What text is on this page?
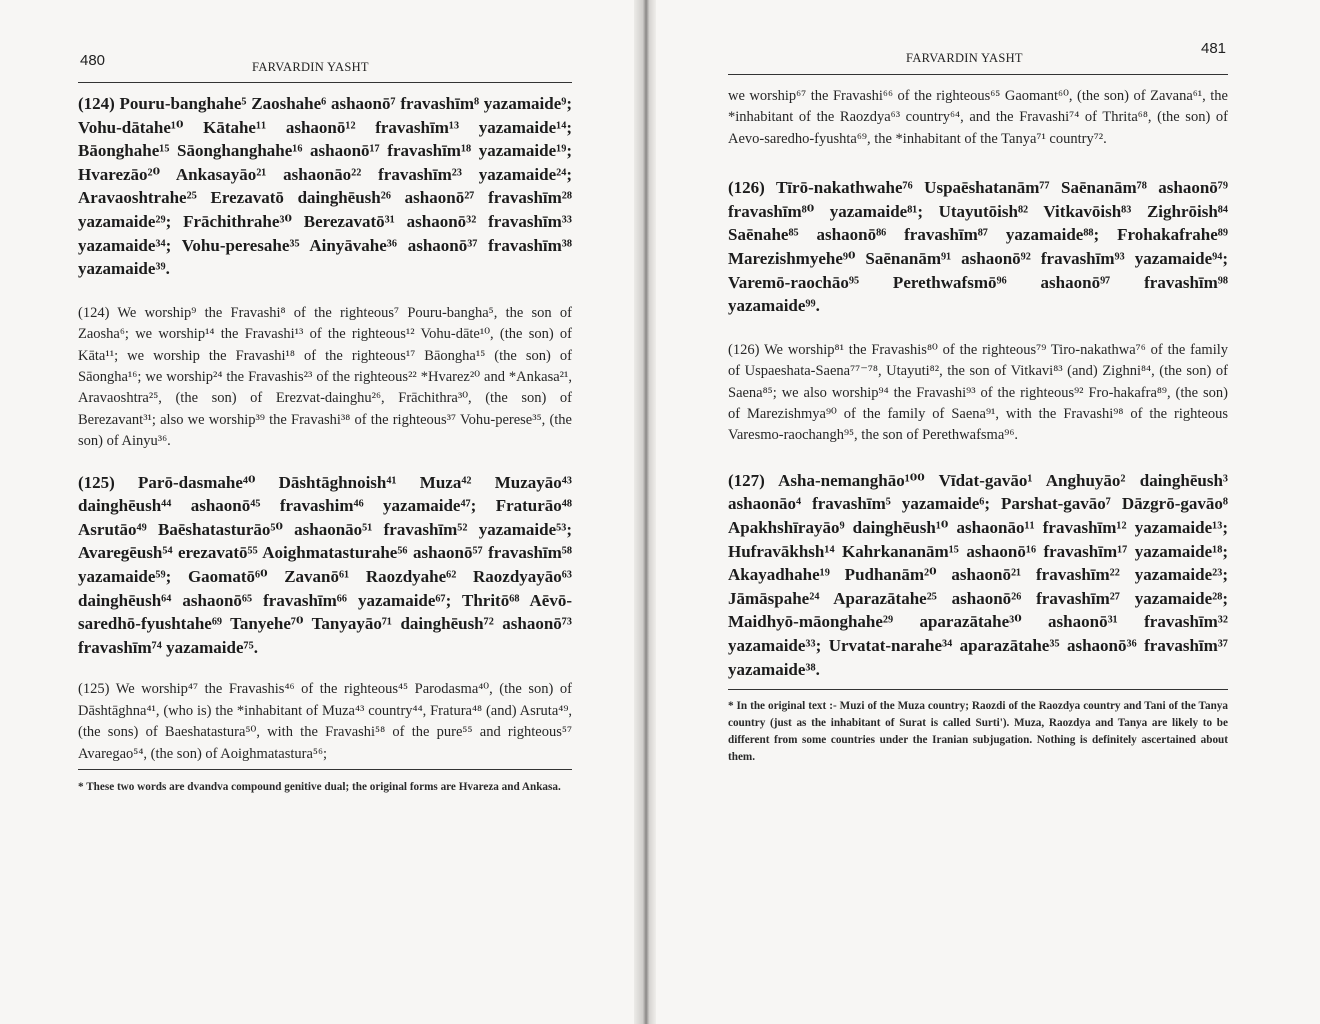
480	FARVARDIN YASHT

(124) Pouru-banghahe⁵ Zaoshahe⁶ ashaonō⁷ fravashīm⁸ yazamaide⁹; Vohu-dātahe¹⁰ Kātahe¹¹ ashaonō¹² fravashīm¹³ yazamaide¹⁴; Bāonghahe¹⁵ Sāonghanghahe¹⁶ ashaonō¹⁷ fravashīm¹⁸ yazamaide¹⁹; Hvarezāo²⁰ Ankasayāo²¹ ashaonāo²² fravashīm²³ yazamaide²⁴; Aravaoshtrahe²⁵ Erezavatō dainghēush²⁶ ashaonō²⁷ fravashīm²⁸ yazamaide²⁹; Frāchithrahe³⁰ Berezavatō³¹ ashaonō³² fravashīm³³ yazamaide³⁴; Vohu-peresahe³⁵ Ainyāvahe³⁶ ashaonō³⁷ fravashīm³⁸ yazamaide³⁹.

(124) We worship⁹ the Fravashi⁸ of the righteous⁷ Pouru-bangha⁵, the son of Zaosha⁶; we worship¹⁴ the Fravashi¹³ of the righteous¹² Vohu-dāte¹⁰, (the son) of Kāta¹¹; we worship the Fravashi¹⁸ of the righteous¹⁷ Bāongha¹⁵ (the son) of Sāongha¹⁶; we worship²⁴ the Fravashis²³ of the righteous²² *Hvarez²⁰ and *Ankasa²¹, Aravaoshtra²⁵, (the son) of Erezvat-dainghu²⁶, Frāchithra³⁰, (the son) of Berezavant³¹; also we worship³⁹ the Fravashi³⁸ of the righteous³⁷ Vohu-perese³⁵, (the son) of Ainyu³⁶.

(125) Parō-dasmahe⁴⁰ Dāshtāghnoish⁴¹ Muza⁴² Muzayāo⁴³ dainghēush⁴⁴ ashaonō⁴⁵ fravashim⁴⁶ yazamaide⁴⁷; Fraturāo⁴⁸ Asrutāo⁴⁹ Baēshatasturāo⁵⁰ ashaonāo⁵¹ fravashīm⁵² yazamaide⁵³; Avaregēush⁵⁴ erezavatō⁵⁵ Aoighmatasturahe⁵⁶ ashaonō⁵⁷ fravashīm⁵⁸ yazamaide⁵⁹; Gaomatō⁶⁰ Zavanō⁶¹ Raozdyahe⁶² Raozdyayāo⁶³ dainghēush⁶⁴ ashaonō⁶⁵ fravashīm⁶⁶ yazamaide⁶⁷; Thritō⁶⁸ Aēvō-saredhō-fyushtahe⁶⁹ Tanyehe⁷⁰ Tanyayāo⁷¹ dainghēush⁷² ashaonō⁷³ fravashīm⁷⁴ yazamaide⁷⁵.

(125) We worship⁴⁷ the Fravashis⁴⁶ of the righteous⁴⁵ Parodasma⁴⁰, (the son) of Dāshtāghna⁴¹, (who is) the *inhabitant of Muza⁴³ country⁴⁴, Fratura⁴⁸ (and) Asruta⁴⁹, (the sons) of Baeshatastura⁵⁰, with the Fravashi⁵⁸ of the pure⁵⁵ and righteous⁵⁷ Avaregao⁵⁴, (the son) of Aoighmatastura⁵⁶;

* These two words are dvandva compound genitive dual; the original forms are Hvareza and Ankasa.

481
FARVARDIN YASHT

we worship⁶⁷ the Fravashi⁶⁶ of the righteous⁶⁵ Gaomant⁶⁰, (the son) of Zavana⁶¹, the *inhabitant of the Raozdya⁶³ country⁶⁴, and the Fravashi⁷⁴ of Thrita⁶⁸, (the son) of Aevo-saredho-fyushta⁶⁹, the *inhabitant of the Tanya⁷¹ country⁷².

(126) Tīrō-nakathwahe⁷⁶ Uspaēshatanām⁷⁷ Saēnanām⁷⁸ ashaonō⁷⁹ fravashīm⁸⁰ yazamaide⁸¹; Utayutōish⁸² Vitkavōish⁸³ Zighrōish⁸⁴ Saēnahe⁸⁵ ashaonō⁸⁶ fravashīm⁸⁷ yazamaide⁸⁸; Frohakafrahe⁸⁹ Marezishmyehe⁹⁰ Saēnanām⁹¹ ashaonō⁹² fravashīm⁹³ yazamaide⁹⁴; Varemō-raochāo⁹⁵ Perethwafsmō⁹⁶ ashaonō⁹⁷ fravashīm⁹⁸ yazamaide⁹⁹.

(126) We worship⁸¹ the Fravashis⁸⁰ of the righteous⁷⁹ Tiro-nakathwa⁷⁶ of the family of Uspaeshata-Saena⁷⁷⁻⁷⁸, Utayuti⁸², the son of Vitkavi⁸³ (and) Zighni⁸⁴, (the son) of Saena⁸⁵; we also worship⁹⁴ the Fravashi⁹³ of the righteous⁹² Fro-hakafra⁸⁹, (the son) of Marezishmya⁹⁰ of the family of Saena⁹¹, with the Fravashi⁹⁸ of the righteous Varesmo-raochangh⁹⁵, the son of Perethwafsma⁹⁶.

(127) Asha-nemanghāo¹⁰⁰ Vīdat-gavāo¹ Anghuyāo² dainghēush³ ashaonāo⁴ fravashīm⁵ yazamaide⁶; Parshat-gavāo⁷ Dāzgrō-gavāo⁸ Apakhshīrayāo⁹ dainghēush¹⁰ ashaonāo¹¹ fravashīm¹² yazamaide¹³; Hufravākhsh¹⁴ Kahrkananām¹⁵ ashaonō¹⁶ fravashīm¹⁷ yazamaide¹⁸; Akayadhahe¹⁹ Pudhanām²⁰ ashaonō²¹ fravashīm²² yazamaide²³; Jāmāspahe²⁴ Aparazātahe²⁵ ashaonō²⁶ fravashīm²⁷ yazamaide²⁸; Maidhyō-māonghahe²⁹ aparazātahe³⁰ ashaonō³¹ fravashīm³² yazamaide³³; Urvatat-narahe³⁴ aparazātahe³⁵ ashaonō³⁶ fravashīm³⁷ yazamaide³⁸.

* In the original text :- Muzi of the Muza country; Raozdi of the Raozdya country and Tani of the Tanya country (just as the inhabitant of Surat is called Surti'). Muza, Raozdya and Tanya are likely to be different from some countries under the Iranian subjugation. Nothing is definitely ascertained about them.
